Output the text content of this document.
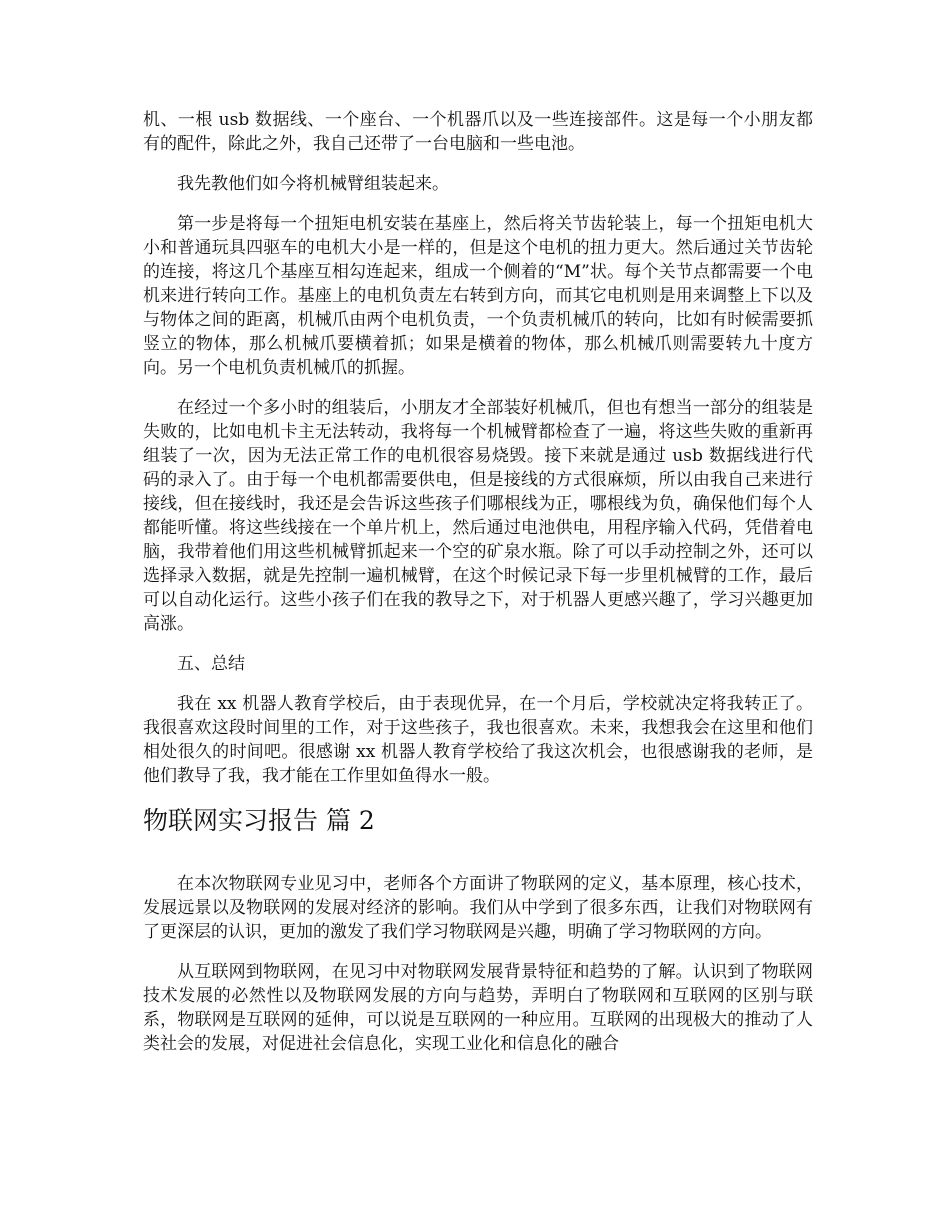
机、一根 usb 数据线、一个座台、一个机器爪以及一些连接部件。这是每一个小朋友都有的配件，除此之外，我自己还带了一台电脑和一些电池。

我先教他们如今将机械臂组装起来。

第一步是将每一个扭矩电机安装在基座上，然后将关节齿轮装上，每一个扭矩电机大小和普通玩具四驱车的电机大小是一样的，但是这个电机的扭力更大。然后通过关节齿轮的连接，将这几个基座互相勾连起来，组成一个侧着的“M”状。每个关节点都需要一个电机来进行转向工作。基座上的电机负责左右转到方向，而其它电机则是用来调整上下以及与物体之间的距离，机械爪由两个电机负责，一个负责机械爪的转向，比如有时候需要抓竖立的物体，那么机械爪要横着抓；如果是横着的物体，那么机械爪则需要转九十度方向。另一个电机负责机械爪的抓握。

在经过一个多小时的组装后，小朋友才全部装好机械爪，但也有想当一部分的组装是失败的，比如电机卡主无法转动，我将每一个机械臂都检查了一遍，将这些失败的重新再组装了一次，因为无法正常工作的电机很容易烧毁。接下来就是通过 usb 数据线进行代码的录入了。由于每一个电机都需要供电，但是接线的方式很麻烦，所以由我自己来进行接线，但在接线时，我还是会告诉这些孩子们哪根线为正，哪根线为负，确保他们每个人都能听懂。将这些线接在一个单片机上，然后通过电池供电，用程序输入代码，凭借着电脑，我带着他们用这些机械臂抓起来一个空的矿泉水瓶。除了可以手动控制之外，还可以选择录入数据，就是先控制一遍机械臂，在这个时候记录下每一步里机械臂的工作，最后可以自动化运行。这些小孩子们在我的教导之下，对于机器人更感兴趣了，学习兴趣更加高涨。

五、总结

我在 xx 机器人教育学校后，由于表现优异，在一个月后，学校就决定将我转正了。我很喜欢这段时间里的工作，对于这些孩子，我也很喜欢。未来，我想我会在这里和他们相处很久的时间吧。很感谢 xx 机器人教育学校给了我这次机会，也很感谢我的老师，是他们教导了我，我才能在工作里如鱼得水一般。

物联网实习报告 篇 2

在本次物联网专业见习中，老师各个方面讲了物联网的定义，基本原理，核心技术，发展远景以及物联网的发展对经济的影响。我们从中学到了很多东西，让我们对物联网有了更深层的认识，更加的激发了我们学习物联网是兴趣，明确了学习物联网的方向。

从互联网到物联网，在见习中对物联网发展背景特征和趋势的了解。认识到了物联网技术发展的必然性以及物联网发展的方向与趋势，弄明白了物联网和互联网的区别与联系，物联网是互联网的延伸，可以说是互联网的一种应用。互联网的出现极大的推动了人类社会的发展，对促进社会信息化，实现工业化和信息化的融合
